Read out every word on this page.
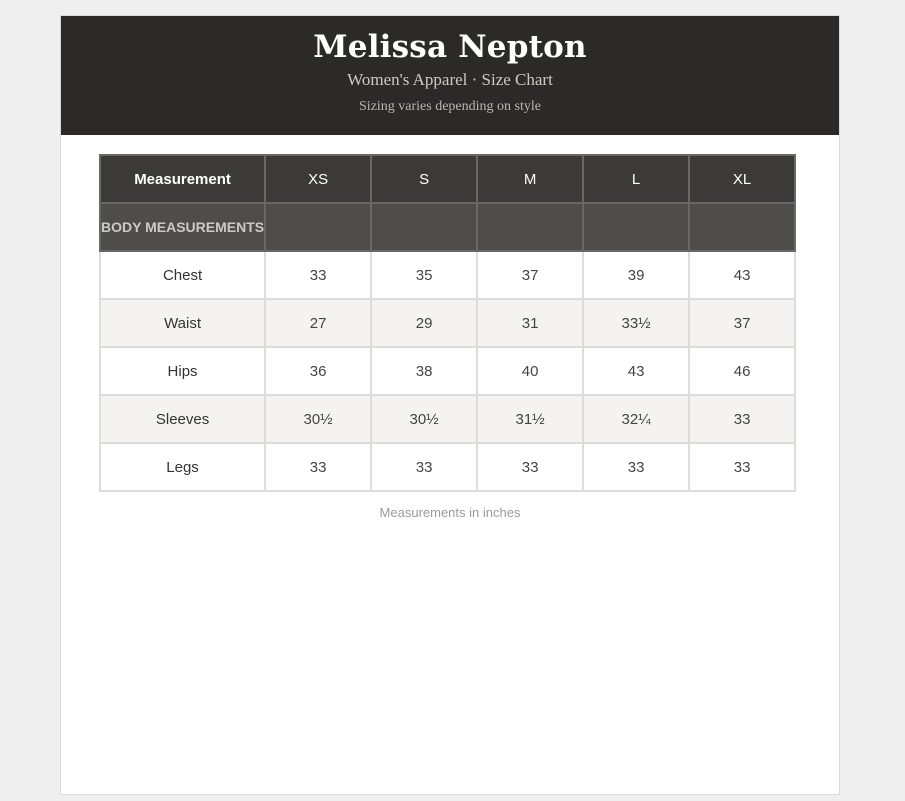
Melissa Nepton
Women's Apparel · Size Chart
Sizing varies depending on style
Measurement	XS	S	M	L	XL
BODY MEASUREMENTS					
Chest	33	35	37	39	43
Waist	27	29	31	33½	37
Hips	36	38	40	43	46
Sleeves	30½	30½	31½	32¼	33
Legs	33	33	33	33	33
Measurements in inches
